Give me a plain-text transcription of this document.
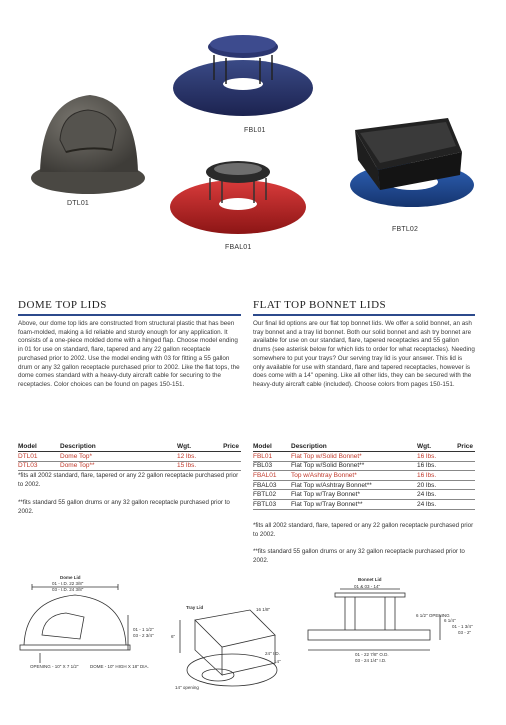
DTL01
FBL01
FBAL01
FBTL02
DOME TOP LIDS
Above, our dome top lids are constructed from structural plastic that has been foam-molded, making a lid reliable and sturdy enough for any application. It consists of a one-piece molded dome with a hinged flap. Choose model ending in 01 for use on standard, flare, tapered and any 22 gallon receptacle purchased prior to 2002. Use the model ending with 03 for fitting a 55 gallon drum or any 32 gallon receptacle purchased prior to 2002. Like the flat tops, the dome comes standard with a heavy-duty aircraft cable for securing to the receptacles. Color choices can be found on pages 150-151.
Model	Description	Wgt.	Price
DTL01	Dome Top*	12 lbs.	
DTL03	Dome Top**	15 lbs.	
*fits all 2002 standard, flare, tapered or any 22 gallon receptacle purchased prior to 2002.
**fits standard 55 gallon drums or any 32 gallon receptacle purchased prior to 2002.
FLAT TOP BONNET LIDS
Our final lid options are our flat top bonnet lids. We offer a solid bonnet, an ash tray bonnet and a tray lid bonnet. Both our solid bonnet and ash try bonnet are available for use on our standard, flare, tapered receptacles and 55 gallon drums (see asterisk below for which lids to order for what receptacles). Needing somewhere to put your trays? Our serving tray lid is your answer. This lid is only available for use with standard, flare and tapered receptacles, however is does come with a 14" opening. Like all other lids, they can be secured with the heavy-duty aircraft cable (included). Choose colors from pages 150-151.
Model	Description	Wgt.	Price
FBL01	Flat Top w/Solid Bonnet*	16 lbs.	
FBL03	Flat Top w/Solid Bonnet**	16 lbs.	
FBAL01	Top w/Ashtray Bonnet*	16 lbs.	
FBAL03	Flat Top w/Ashtray Bonnet**	20 lbs.	
FBTL02	Flat Top w/Tray Bonnet*	24 lbs.	
FBTL03	Flat Top w/Tray Bonnet**	24 lbs.	
*fits all 2002 standard, flare, tapered or any 22 gallon receptacle purchased prior to 2002.
**fits standard 55 gallon drums or any 32 gallon receptacle purchased prior to 2002.
Dome Lid
01 - I.D. 22 3/8"
03 - I.D. 24 3/8"
01 - 1 1/2"
03 - 2 3/4"
OPENING - 10" X 7 1/2"	DOME - 10" HIGH X 18" DIA.
Tray Lid	16 1/8"
6"
24" I.D.
14"
14" opening
Bonnet Lid
01 & 03 - 14"
6 1/2" OPENING
6 1/4"
01 - 1 3/4"
03 - 2"
01 - 22 7/8" O.D.
03 - 24 1/4" I.D.
